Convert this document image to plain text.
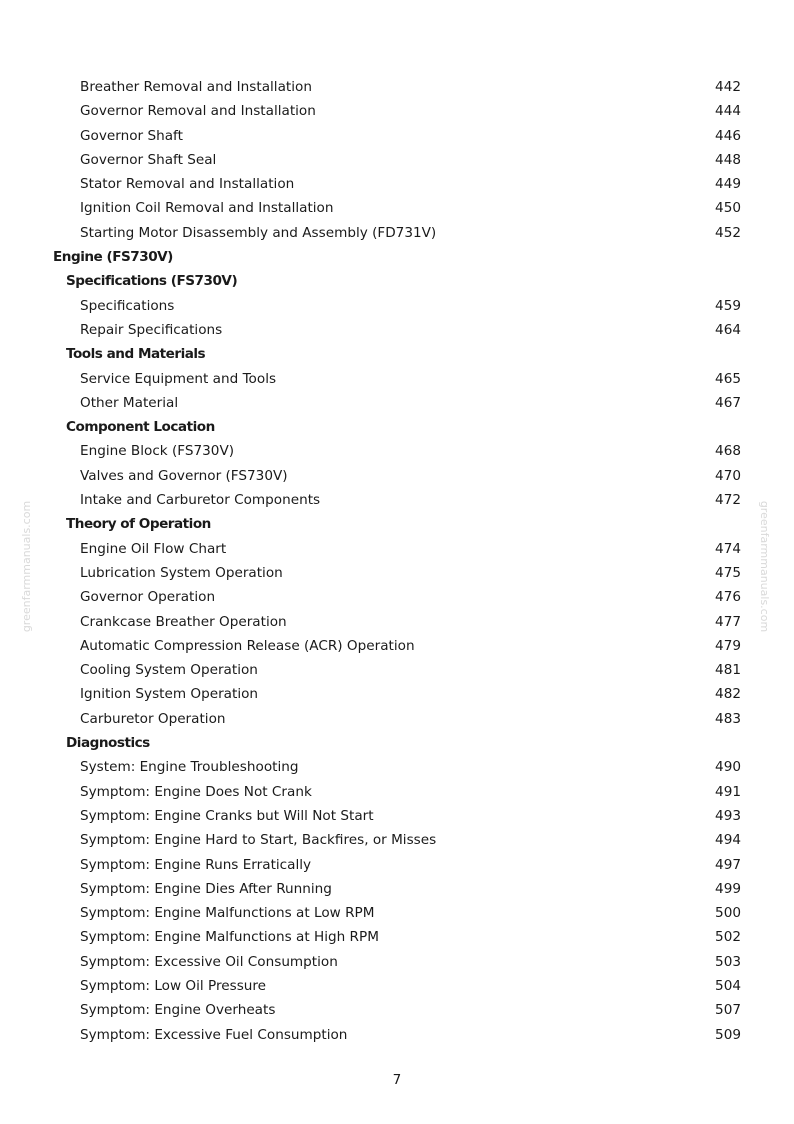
greenfarmmanuals.com	greenfarmmanuals.com
Breather Removal and Installation	442
Governor Removal and Installation	444
Governor Shaft	446
Governor Shaft Seal	448
Stator Removal and Installation	449
Ignition Coil Removal and Installation	450
Starting Motor Disassembly and Assembly (FD731V)	452
Engine (FS730V)
Specifications (FS730V)
Specifications	459
Repair Specifications	464
Tools and Materials
Service Equipment and Tools	465
Other Material	467
Component Location
Engine Block (FS730V)	468
Valves and Governor (FS730V)	470
Intake and Carburetor Components	472
Theory of Operation
Engine Oil Flow Chart	474
Lubrication System Operation	475
Governor Operation	476
Crankcase Breather Operation	477
Automatic Compression Release (ACR) Operation	479
Cooling System Operation	481
Ignition System Operation	482
Carburetor Operation	483
Diagnostics
System: Engine Troubleshooting	490
Symptom: Engine Does Not Crank	491
Symptom: Engine Cranks but Will Not Start	493
Symptom: Engine Hard to Start, Backfires, or Misses	494
Symptom: Engine Runs Erratically	497
Symptom: Engine Dies After Running	499
Symptom: Engine Malfunctions at Low RPM	500
Symptom: Engine Malfunctions at High RPM	502
Symptom: Excessive Oil Consumption	503
Symptom: Low Oil Pressure	504
Symptom: Engine Overheats	507
Symptom: Excessive Fuel Consumption	509
7
